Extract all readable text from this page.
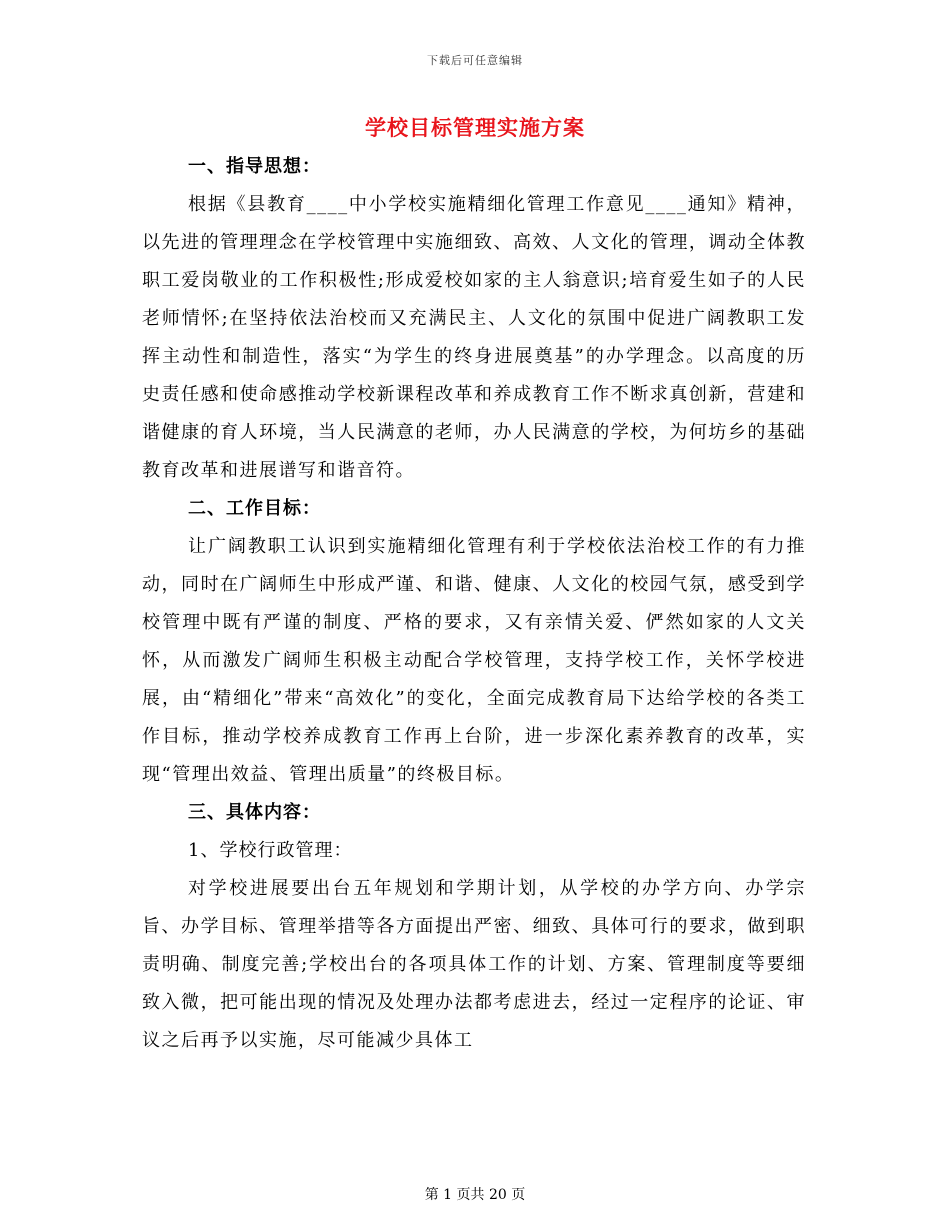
下载后可任意编辑
学校目标管理实施方案

一、指导思想：

根据《县教育____中小学校实施精细化管理工作意见____通知》精神，以先进的管理理念在学校管理中实施细致、高效、人文化的管理，调动全体教职工爱岗敬业的工作积极性;形成爱校如家的主人翁意识;培育爱生如子的人民老师情怀;在坚持依法治校而又充满民主、人文化的氛围中促进广阔教职工发挥主动性和制造性，落实“为学生的终身进展奠基”的办学理念。以高度的历史责任感和使命感推动学校新课程改革和养成教育工作不断求真创新，营建和谐健康的育人环境，当人民满意的老师，办人民满意的学校，为何坊乡的基础教育改革和进展谱写和谐音符。

二、工作目标：

让广阔教职工认识到实施精细化管理有利于学校依法治校工作的有力推动，同时在广阔师生中形成严谨、和谐、健康、人文化的校园气氛，感受到学校管理中既有严谨的制度、严格的要求，又有亲情关爱、俨然如家的人文关怀，从而激发广阔师生积极主动配合学校管理，支持学校工作，关怀学校进展，由“精细化”带来“高效化”的变化，全面完成教育局下达给学校的各类工作目标，推动学校养成教育工作再上台阶，进一步深化素养教育的改革，实现“管理出效益、管理出质量”的终极目标。

三、具体内容：

1、学校行政管理：

对学校进展要出台五年规划和学期计划，从学校的办学方向、办学宗旨、办学目标、管理举措等各方面提出严密、细致、具体可行的要求，做到职责明确、制度完善;学校出台的各项具体工作的计划、方案、管理制度等要细致入微，把可能出现的情况及处理办法都考虑进去，经过一定程序的论证、审议之后再予以实施，尽可能减少具体工

第 1 页共 20 页
